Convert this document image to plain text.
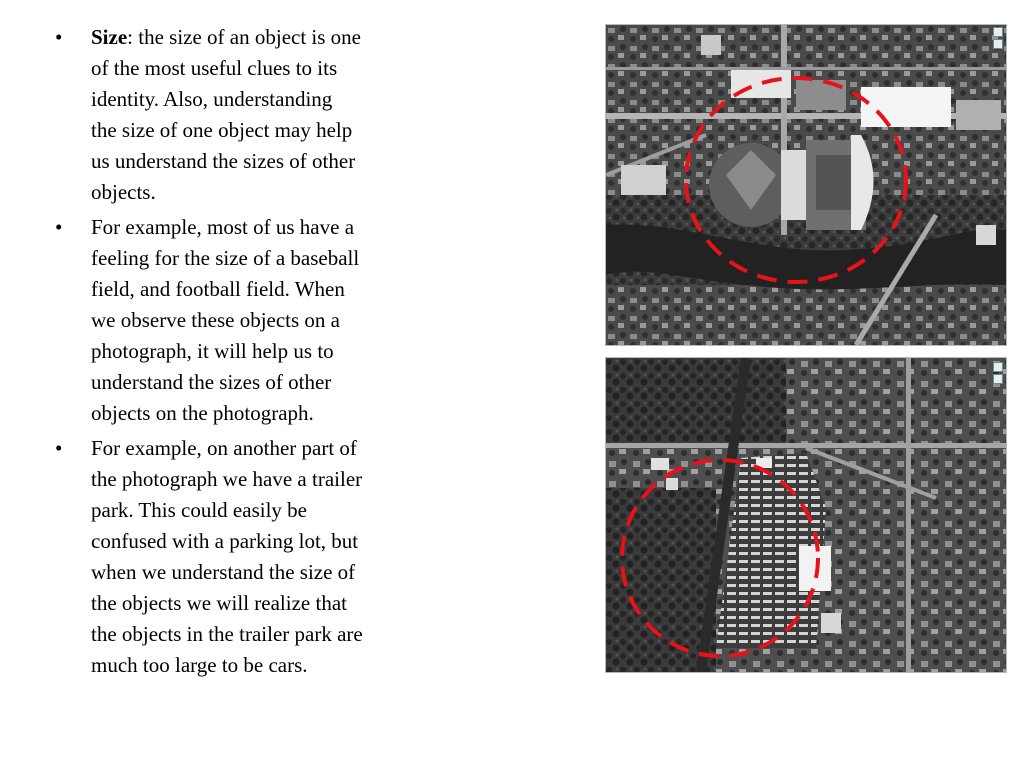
• Size: the size of an object is one
of the most useful clues to its
identity. Also, understanding
the size of one object may help
us understand the sizes of other
objects.
• For example, most of us have a
feeling for the size of a baseball
field, and football field. When
we observe these objects on a
photograph, it will help us to
understand the sizes of other
objects on the photograph.
• For example, on another part of
the photograph we have a trailer
park. This could easily be
confused with a parking lot, but
when we understand the size of
the objects we will realize that
the objects in the trailer park are
much too large to be cars.
